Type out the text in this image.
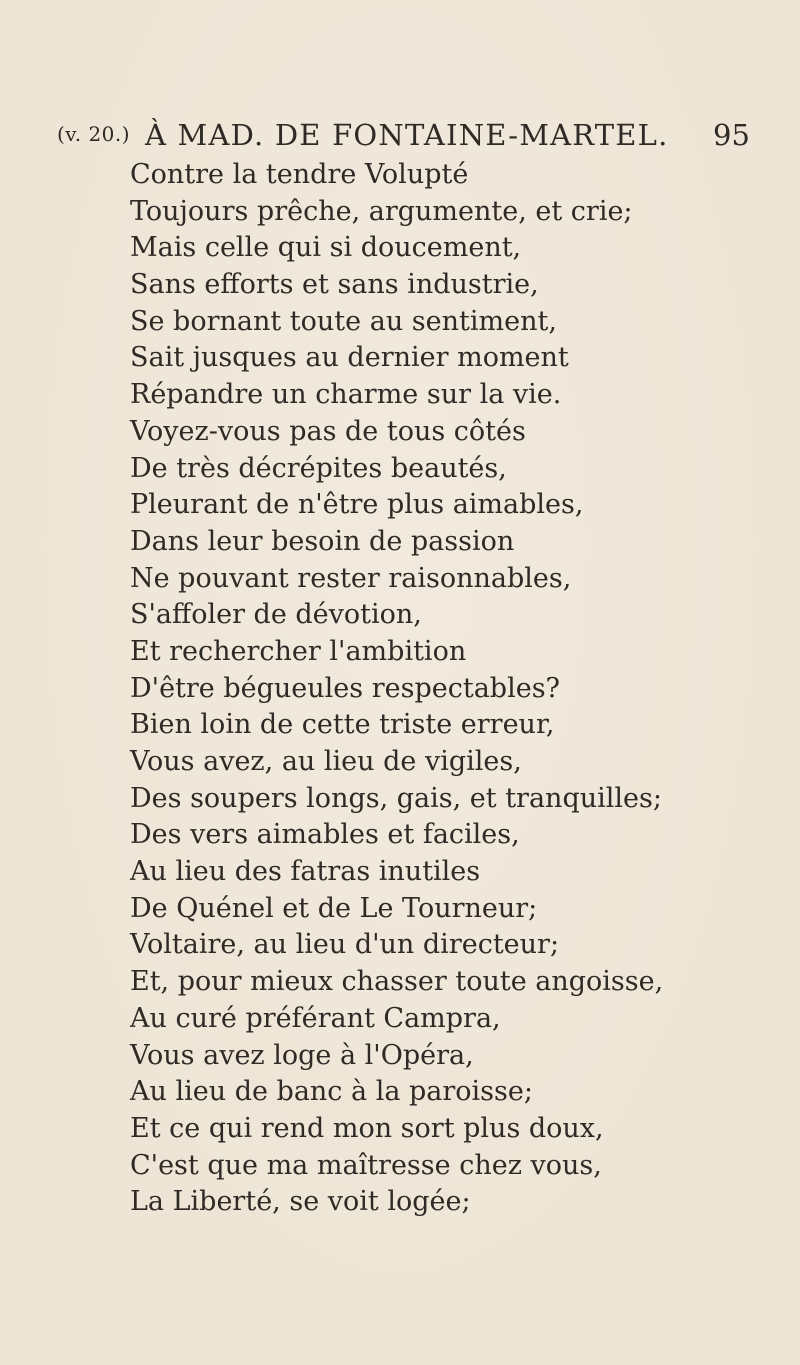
(v. 20.) À MAD. DE FONTAINE-MARTEL. 95
Contre la tendre Volupté
Toujours prêche, argumente, et crie;
Mais celle qui si doucement,
Sans efforts et sans industrie,
Se bornant toute au sentiment,
Sait jusques au dernier moment
Répandre un charme sur la vie.
Voyez-vous pas de tous côtés
De très décrépites beautés,
Pleurant de n'être plus aimables,
Dans leur besoin de passion
Ne pouvant rester raisonnables,
S'affoler de dévotion,
Et rechercher l'ambition
D'être bégueules respectables?
Bien loin de cette triste erreur,
Vous avez, au lieu de vigiles,
Des soupers longs, gais, et tranquilles;
Des vers aimables et faciles,
Au lieu des fatras inutiles
De Quénel et de Le Tourneur;
Voltaire, au lieu d'un directeur;
Et, pour mieux chasser toute angoisse,
Au curé préférant Campra,
Vous avez loge à l'Opéra,
Au lieu de banc à la paroisse;
Et ce qui rend mon sort plus doux,
C'est que ma maîtresse chez vous,
La Liberté, se voit logée;
